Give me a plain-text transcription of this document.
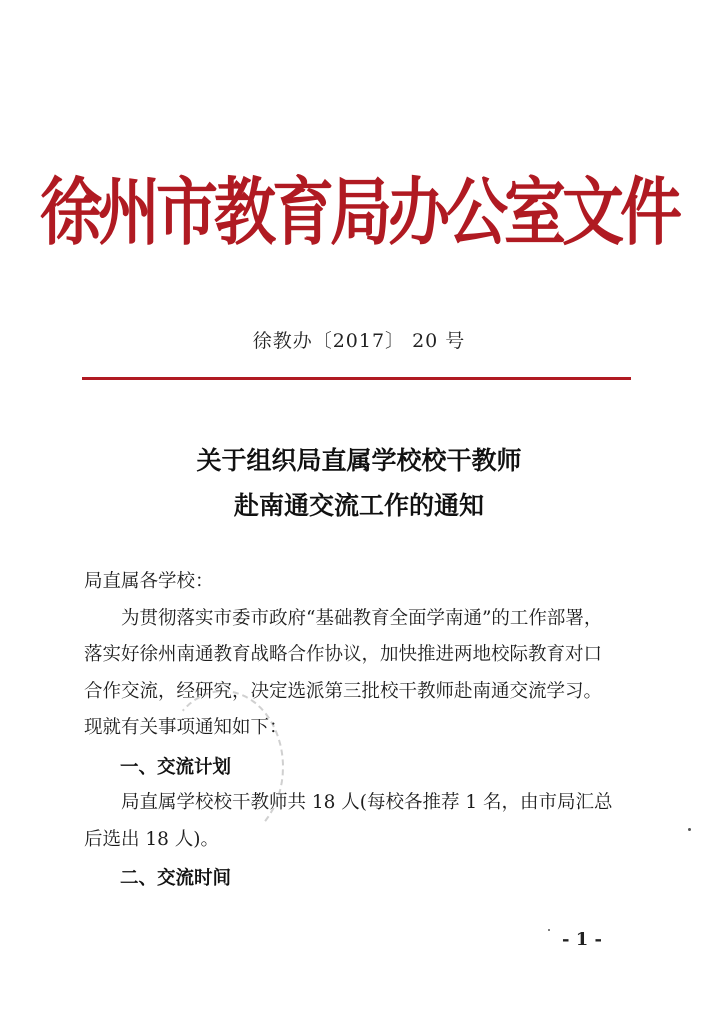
徐州市教育局办公室文件
徐教办〔2017〕 20 号
关于组织局直属学校校干教师
赴南通交流工作的通知
局直属各学校：
　　为贯彻落实市委市政府“基础教育全面学南通”的工作部署，
落实好徐州南通教育战略合作协议，加快推进两地校际教育对口
合作交流，经研究，决定选派第三批校干教师赴南通交流学习。
现就有关事项通知如下：
一、交流计划
　　局直属学校校干教师共 18 人(每校各推荐 1 名，由市局汇总
后选出 18 人)。
二、交流时间
- 1 -
